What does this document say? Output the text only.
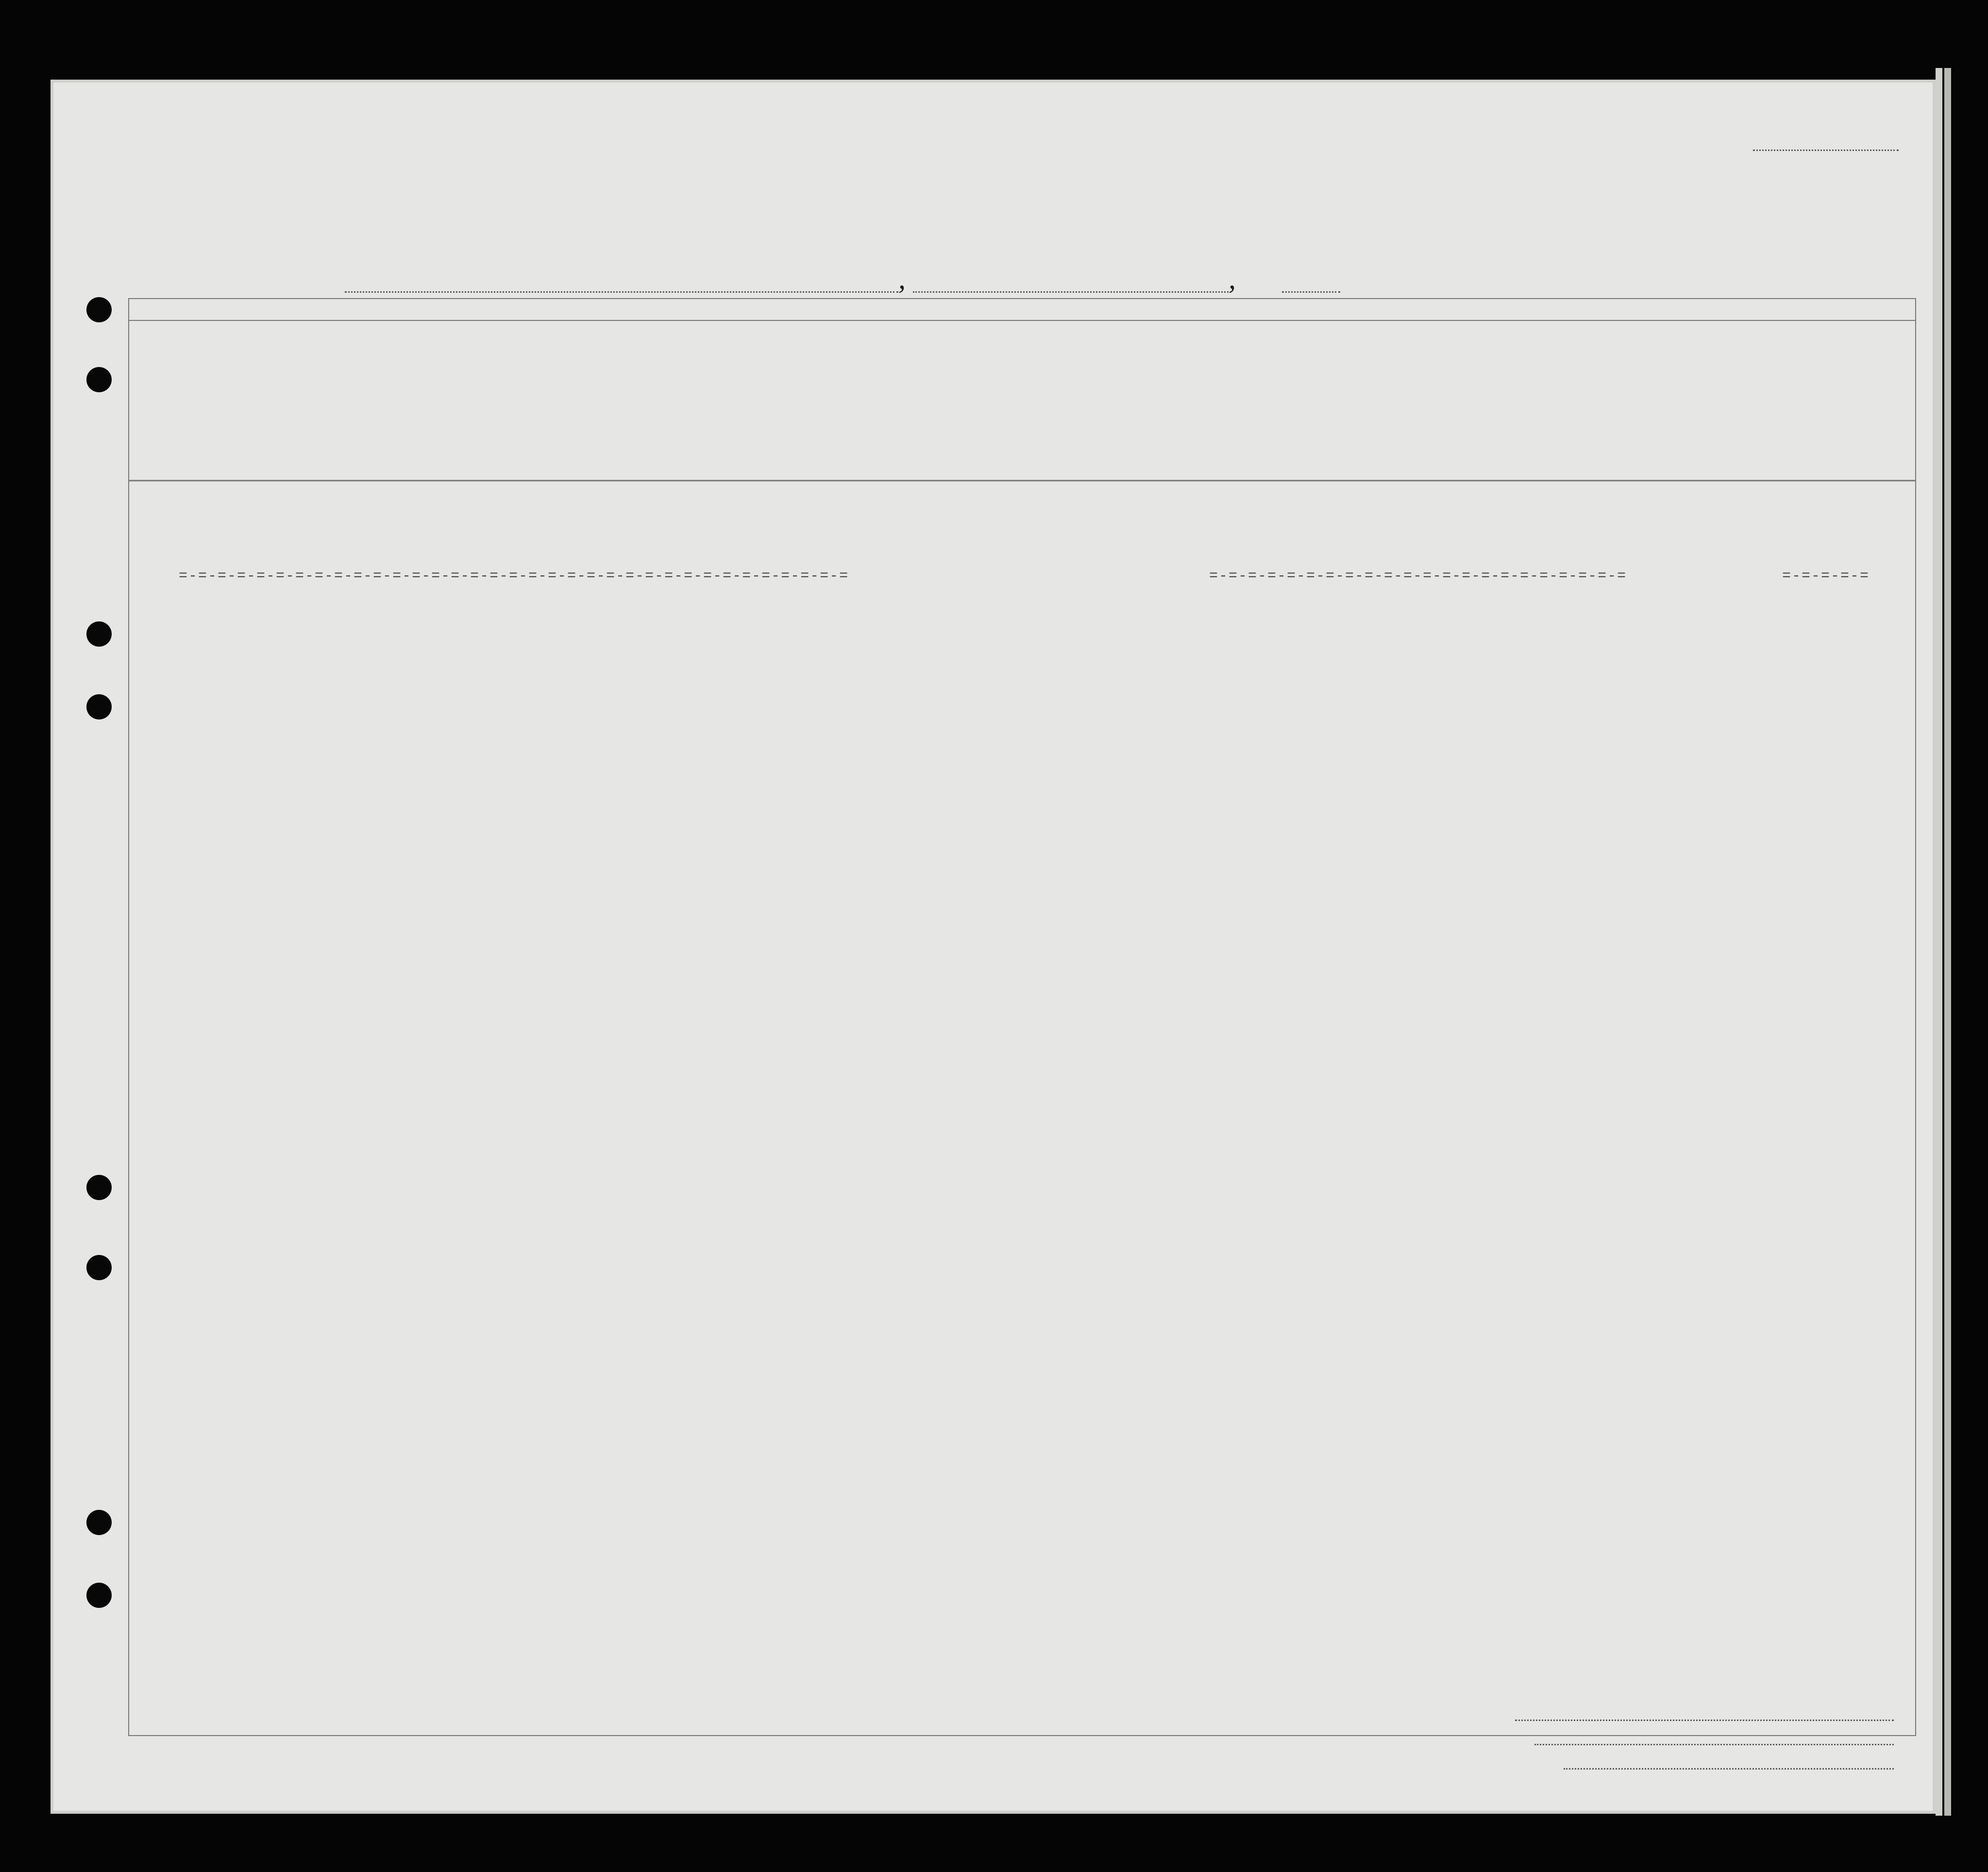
,	,
=-=-=-=-=-=-=-=-=-=-=-=-=-=-=-=-=-=-=-=-=-=-=-=-=-=-=-=-=-=-=-=-=-=-=	=-=-=-=-=-=-=-=-=-=-=-=-=-=-=-=-=-=-=-=-=-=	=-=-=-=-=
